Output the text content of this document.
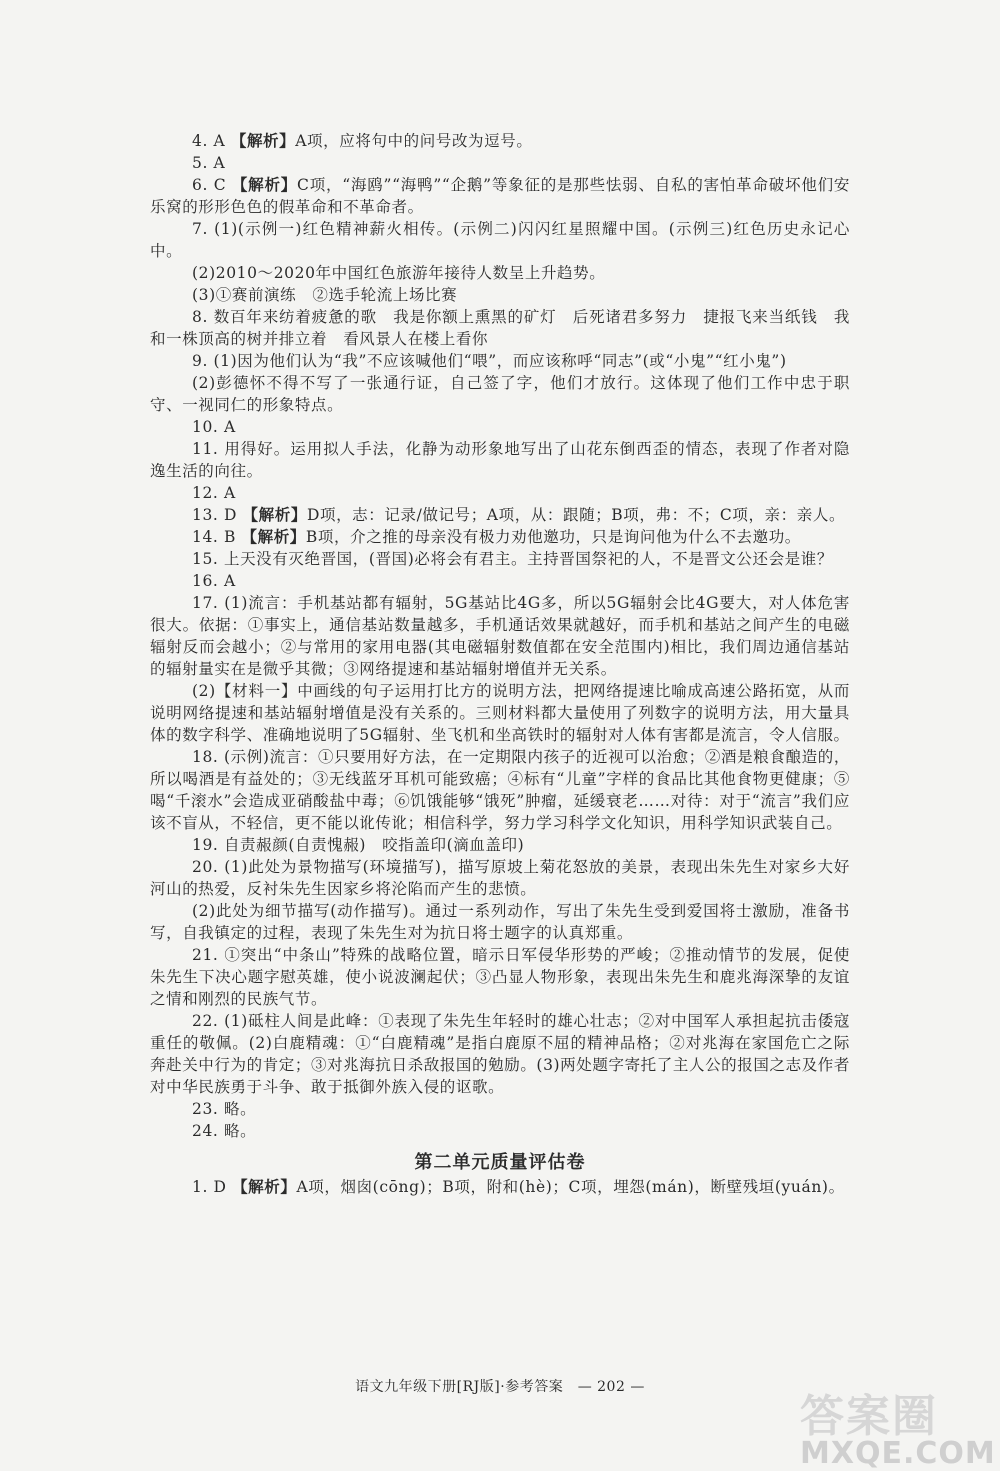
4. A 【解析】A项，应将句中的问号改为逗号。

5. A

6. C 【解析】C项，“海鸥”“海鸭”“企鹅”等象征的是那些怯弱、自私的害怕革命破坏他们安乐窝的形形色色的假革命和不革命者。

7. (1)(示例一)红色精神薪火相传。(示例二)闪闪红星照耀中国。(示例三)红色历史永记心中。

(2)2010～2020年中国红色旅游年接待人数呈上升趋势。

(3)①赛前演练　②选手轮流上场比赛

8. 数百年来纺着疲惫的歌　我是你额上熏黑的矿灯　后死诸君多努力　捷报飞来当纸钱　我和一株顶高的树并排立着　看风景人在楼上看你

9. (1)因为他们认为“我”不应该喊他们“喂”，而应该称呼“同志”(或“小鬼”“红小鬼”)

(2)彭德怀不得不写了一张通行证，自己签了字，他们才放行。这体现了他们工作中忠于职守、一视同仁的形象特点。

10. A

11. 用得好。运用拟人手法，化静为动形象地写出了山花东倒西歪的情态，表现了作者对隐逸生活的向往。

12. A

13. D 【解析】D项，志：记录/做记号；A项，从：跟随；B项，弗：不；C项，亲：亲人。

14. B 【解析】B项，介之推的母亲没有极力劝他邀功，只是询问他为什么不去邀功。

15. 上天没有灭绝晋国，(晋国)必将会有君主。主持晋国祭祀的人，不是晋文公还会是谁？

16. A

17. (1)流言：手机基站都有辐射，5G基站比4G多，所以5G辐射会比4G要大，对人体危害很大。依据：①事实上，通信基站数量越多，手机通话效果就越好，而手机和基站之间产生的电磁辐射反而会越小；②与常用的家用电器(其电磁辐射数值都在安全范围内)相比，我们周边通信基站的辐射量实在是微乎其微；③网络提速和基站辐射增值并无关系。

(2)【材料一】中画线的句子运用打比方的说明方法，把网络提速比喻成高速公路拓宽，从而说明网络提速和基站辐射增值是没有关系的。三则材料都大量使用了列数字的说明方法，用大量具体的数字科学、准确地说明了5G辐射、坐飞机和坐高铁时的辐射对人体有害都是流言，令人信服。

18. (示例)流言：①只要用好方法，在一定期限内孩子的近视可以治愈；②酒是粮食酿造的，所以喝酒是有益处的；③无线蓝牙耳机可能致癌；④标有“儿童”字样的食品比其他食物更健康；⑤喝“千滚水”会造成亚硝酸盐中毒；⑥饥饿能够“饿死”肿瘤，延缓衰老……对待：对于“流言”我们应该不盲从，不轻信，更不能以讹传讹；相信科学，努力学习科学文化知识，用科学知识武装自己。

19. 自责赧颜(自责愧赧)　咬指盖印(滴血盖印)

20. (1)此处为景物描写(环境描写)，描写原坡上菊花怒放的美景，表现出朱先生对家乡大好河山的热爱，反衬朱先生因家乡将沦陷而产生的悲愤。

(2)此处为细节描写(动作描写)。通过一系列动作，写出了朱先生受到爱国将士激励，准备书写，自我镇定的过程，表现了朱先生对为抗日将士题字的认真郑重。

21. ①突出“中条山”特殊的战略位置，暗示日军侵华形势的严峻；②推动情节的发展，促使朱先生下决心题字慰英雄，使小说波澜起伏；③凸显人物形象，表现出朱先生和鹿兆海深挚的友谊之情和刚烈的民族气节。

22. (1)砥柱人间是此峰：①表现了朱先生年轻时的雄心壮志；②对中国军人承担起抗击倭寇重任的敬佩。(2)白鹿精魂：①“白鹿精魂”是指白鹿原不屈的精神品格；②对兆海在家国危亡之际奔赴关中行为的肯定；③对兆海抗日杀敌报国的勉励。(3)两处题字寄托了主人公的报国之志及作者对中华民族勇于斗争、敢于抵御外族入侵的讴歌。

23. 略。

24. 略。

第二单元质量评估卷

1. D 【解析】A项，烟囱(cōng)；B项，附和(hè)；C项，埋怨(mán)，断壁残垣(yuán)。

语文九年级下册[RJ版]·参考答案　— 202 —
答案圈
MXQE.COM
